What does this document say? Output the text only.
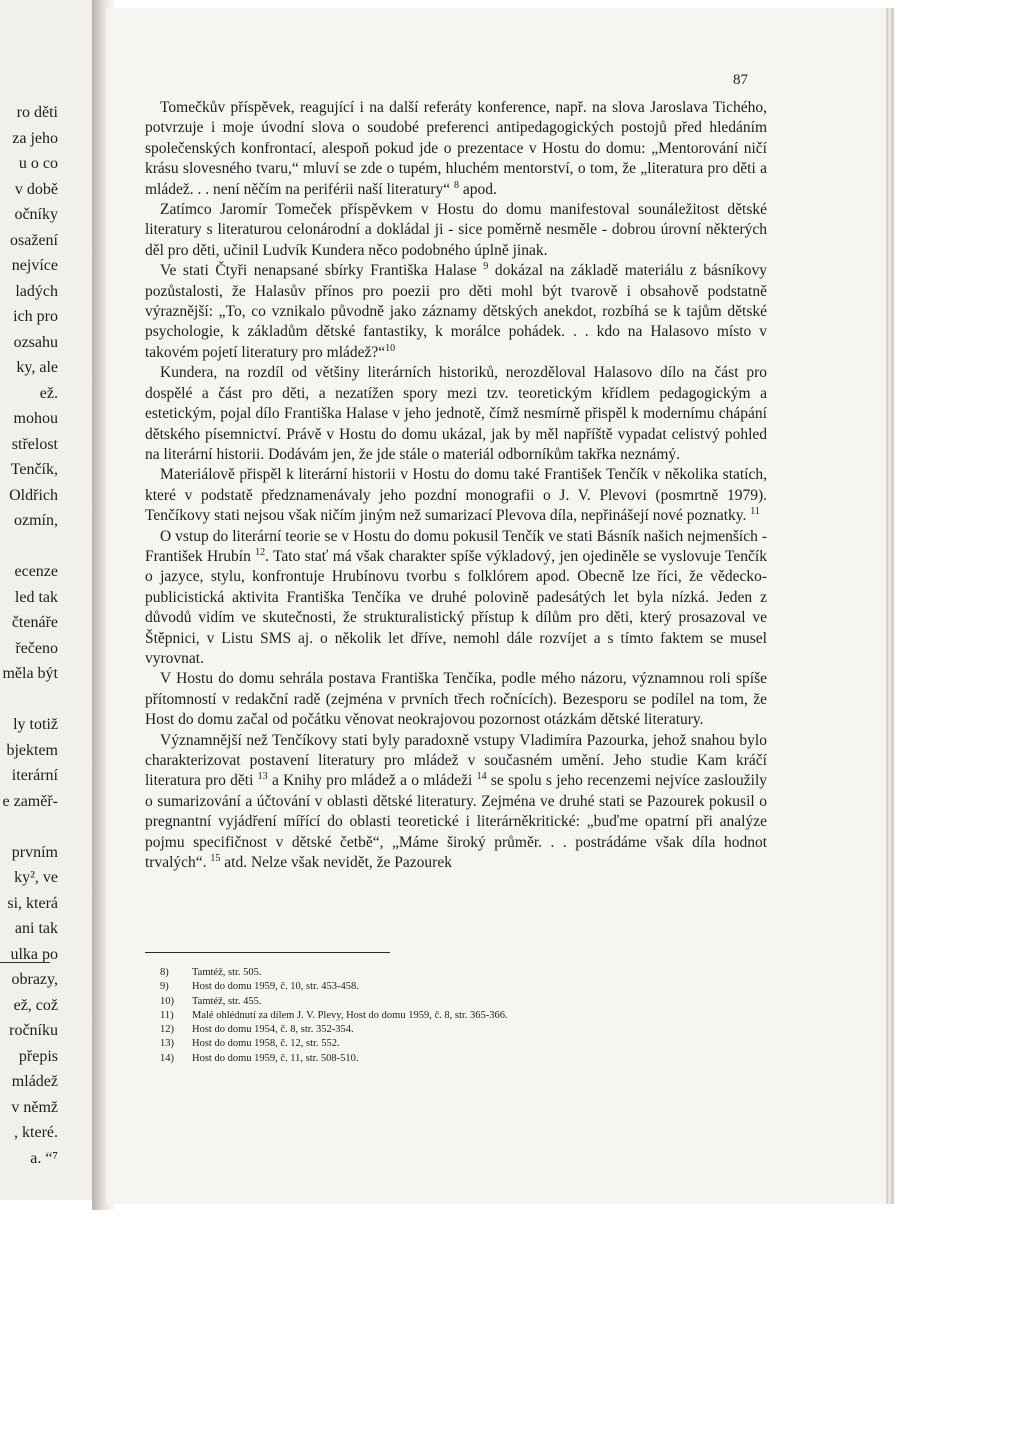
ro děti
za jeho
u o co
v době
očníky
osažení
nejvíce
ladých
ich pro
ozsahu
ky, ale
ež.
mohou
střelost
Tenčík,
Oldřich
ozmín,
ecenze
led tak
čtenáře
řečeno
měla být
ly totiž
bjektem
iterární
e zaměř-
prvním
ky², ve
si, která
ani tak
ulka po
obrazy,
ež, což
ročníku
přepis
mládež
v němž
, které.
a. “⁷
87

Tomečkův příspěvek, reagující i na další referáty konference, např. na slova Jaroslava Tichého, potvrzuje i moje úvodní slova o soudobé preferenci antipedagogických postojů před hledáním společenských konfrontací, alespoň pokud jde o prezentace v Hostu do domu: „Mentorování ničí krásu slovesného tvaru,“ mluví se zde o tupém, hluchém mentorství, o tom, že „literatura pro děti a mládež. . . není něčím na periférii naší literatury“ $^8$ apod.

Zatímco Jaromír Tomeček příspěvkem v Hostu do domu manifestoval sounáležitost dětské literatury s literaturou celonárodní a dokládal ji - sice poměrně nesměle - dobrou úrovní některých děl pro děti, učinil Ludvík Kundera něco podobného úplně jinak.

Ve stati Čtyři nenapsané sbírky Františka Halase $^9$ dokázal na základě materiálu z básníkovy pozůstalosti, že Halasův přínos pro poezii pro děti mohl být tvarově i obsahově podstatně výraznější: „To, co vznikalo původně jako záznamy dětských anekdot, rozbíhá se k tajům dětské psychologie, k základům dětské fantastiky, k morálce pohádek. . . kdo na Halasovo místo v takovém pojetí literatury pro mládež?“$^{10}$

Kundera, na rozdíl od většiny literárních historiků, nerozděloval Halasovo dílo na část pro dospělé a část pro děti, a nezatížen spory mezi tzv. teoretickým křídlem pedagogickým a estetickým, pojal dílo Františka Halase v jeho jednotě, čímž nesmírně přispěl k modernímu chápání dětského písemnictví. Právě v Hostu do domu ukázal, jak by měl napříště vypadat celistvý pohled na literární historii. Dodávám jen, že jde stále o materiál odborníkům takřka neznámý.

Materiálově přispěl k literární historii v Hostu do domu také František Tenčík v několika statích, které v podstatě předznamenávaly jeho pozdní monografii o J. V. Plevovi (posmrtně 1979). Tenčíkovy stati nejsou však ničím jiným než sumarizací Plevova díla, nepřinášejí nové poznatky. $^{11}$

O vstup do literární teorie se v Hostu do domu pokusil Tenčík ve stati Básník našich nejmenších - František Hrubín $^{12}$. Tato stať má však charakter spíše výkladový, jen ojediněle se vyslovuje Tenčík o jazyce, stylu, konfrontuje Hrubínovu tvorbu s folklórem apod. Obecně lze říci, že vědecko-publicistická aktivita Františka Tenčíka ve druhé polovině padesátých let byla nízká. Jeden z důvodů vidím ve skutečnosti, že strukturalistický přístup k dílům pro děti, který prosazoval ve Štěpnici, v Listu SMS aj. o několik let dříve, nemohl dále rozvíjet a s tímto faktem se musel vyrovnat.

V Hostu do domu sehrála postava Františka Tenčíka, podle mého názoru, významnou roli spíše přítomností v redakční radě (zejména v prvních třech ročnících). Bezesporu se podílel na tom, že Host do domu začal od počátku věnovat neokrajovou pozornost otázkám dětské literatury.

Významnější než Tenčíkovy stati byly paradoxně vstupy Vladimíra Pazourka, jehož snahou bylo charakterizovat postavení literatury pro mládež v současném umění. Jeho studie Kam kráčí literatura pro děti $^{13}$ a Knihy pro mládež a o mládeži $^{14}$ se spolu s jeho recenzemi nejvíce zasloužily o sumarizování a účtování v oblasti dětské literatury. Zejména ve druhé stati se Pazourek pokusil o pregnantní vyjádření mířící do oblasti teoretické i literárněkritické: „buďme opatrní při analýze pojmu specifičnost v dětské četbě“, „Máme široký průměr. . . postrádáme však díla hodnot trvalých“. $^{15}$ atd. Nelze však nevidět, že Pazourek

8)	Tamtéž, str. 505.
9)	Host do domu 1959, č. 10, str. 453-458.
10)	Tamtéž, str. 455.
11)	Malé ohlédnutí za dílem J. V. Plevy, Host do domu 1959, č. 8, str. 365-366.
12)	Host do domu 1954, č. 8, str. 352-354.
13)	Host do domu 1958, č. 12, str. 552.
14)	Host do domu 1959, č. 11, str. 508-510.
